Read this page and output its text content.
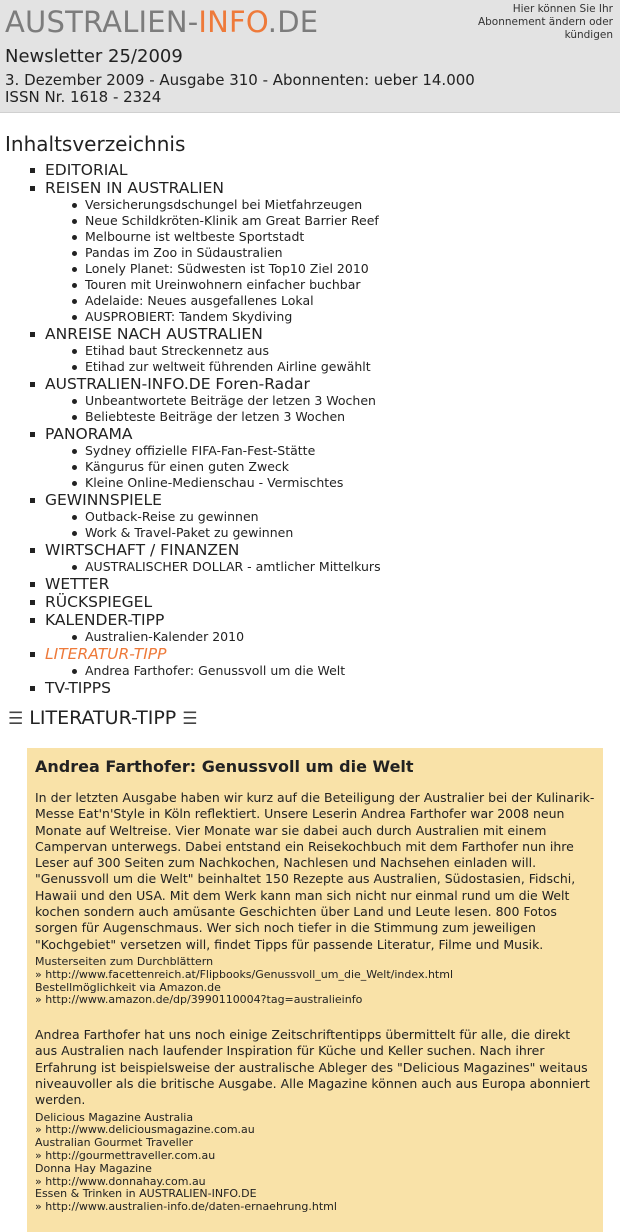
AUSTRALIEN-INFO.DE	Hier können Sie Ihr Abonnement ändern oder kündigen
Newsletter 25/2009
3. Dezember 2009 - Ausgabe 310 - Abonnenten: ueber 14.000
ISSN Nr. 1618 - 2324
Inhaltsverzeichnis
EDITORIAL
REISEN IN AUSTRALIEN
Versicherungsdschungel bei Mietfahrzeugen
Neue Schildkröten-Klinik am Great Barrier Reef
Melbourne ist weltbeste Sportstadt
Pandas im Zoo in Südaustralien
Lonely Planet: Südwesten ist Top10 Ziel 2010
Touren mit Ureinwohnern einfacher buchbar
Adelaide: Neues ausgefallenes Lokal
AUSPROBIERT: Tandem Skydiving
ANREISE NACH AUSTRALIEN
Etihad baut Streckennetz aus
Etihad zur weltweit führenden Airline gewählt
AUSTRALIEN-INFO.DE Foren-Radar
Unbeantwortete Beiträge der letzen 3 Wochen
Beliebteste Beiträge der letzen 3 Wochen
PANORAMA
Sydney offizielle FIFA-Fan-Fest-Stätte
Kängurus für einen guten Zweck
Kleine Online-Medienschau - Vermischtes
GEWINNSPIELE
Outback-Reise zu gewinnen
Work & Travel-Paket zu gewinnen
WIRTSCHAFT / FINANZEN
AUSTRALISCHER DOLLAR - amtlicher Mittelkurs
WETTER
RÜCKSPIEGEL
KALENDER-TIPP
Australien-Kalender 2010
LITERATUR-TIPP
Andrea Farthofer: Genussvoll um die Welt
TV-TIPPS
☰ LITERATUR-TIPP ☰
Andrea Farthofer: Genussvoll um die Welt

In der letzten Ausgabe haben wir kurz auf die Beteiligung der Australier bei der Kulinarik-Messe Eat'n'Style in Köln reflektiert. Unsere Leserin Andrea Farthofer war 2008 neun Monate auf Weltreise. Vier Monate war sie dabei auch durch Australien mit einem Campervan unterwegs. Dabei entstand ein Reisekochbuch mit dem Farthofer nun ihre Leser auf 300 Seiten zum Nachkochen, Nachlesen und Nachsehen einladen will. "Genussvoll um die Welt" beinhaltet 150 Rezepte aus Australien, Südostasien, Fidschi, Hawaii und den USA. Mit dem Werk kann man sich nicht nur einmal rund um die Welt kochen sondern auch amüsante Geschichten über Land und Leute lesen. 800 Fotos sorgen für Augenschmaus. Wer sich noch tiefer in die Stimmung zum jeweiligen "Kochgebiet" versetzen will, findet Tipps für passende Literatur, Filme und Musik.

Musterseiten zum Durchblättern
» http://www.facettenreich.at/Flipbooks/Genussvoll_um_die_Welt/index.html
Bestellmöglichkeit via Amazon.de
» http://www.amazon.de/dp/3990110004?tag=australieinfo

Andrea Farthofer hat uns noch einige Zeitschriftentipps übermittelt für alle, die direkt aus Australien nach laufender Inspiration für Küche und Keller suchen. Nach ihrer Erfahrung ist beispielsweise der australische Ableger des "Delicious Magazines" weitaus niveauvoller als die britische Ausgabe. Alle Magazine können auch aus Europa abonniert werden.

Delicious Magazine Australia
» http://www.deliciousmagazine.com.au
Australian Gourmet Traveller
» http://gourmettraveller.com.au
Donna Hay Magazine
» http://www.donnahay.com.au
Essen & Trinken in AUSTRALIEN-INFO.DE
» http://www.australien-info.de/daten-ernaehrung.html
